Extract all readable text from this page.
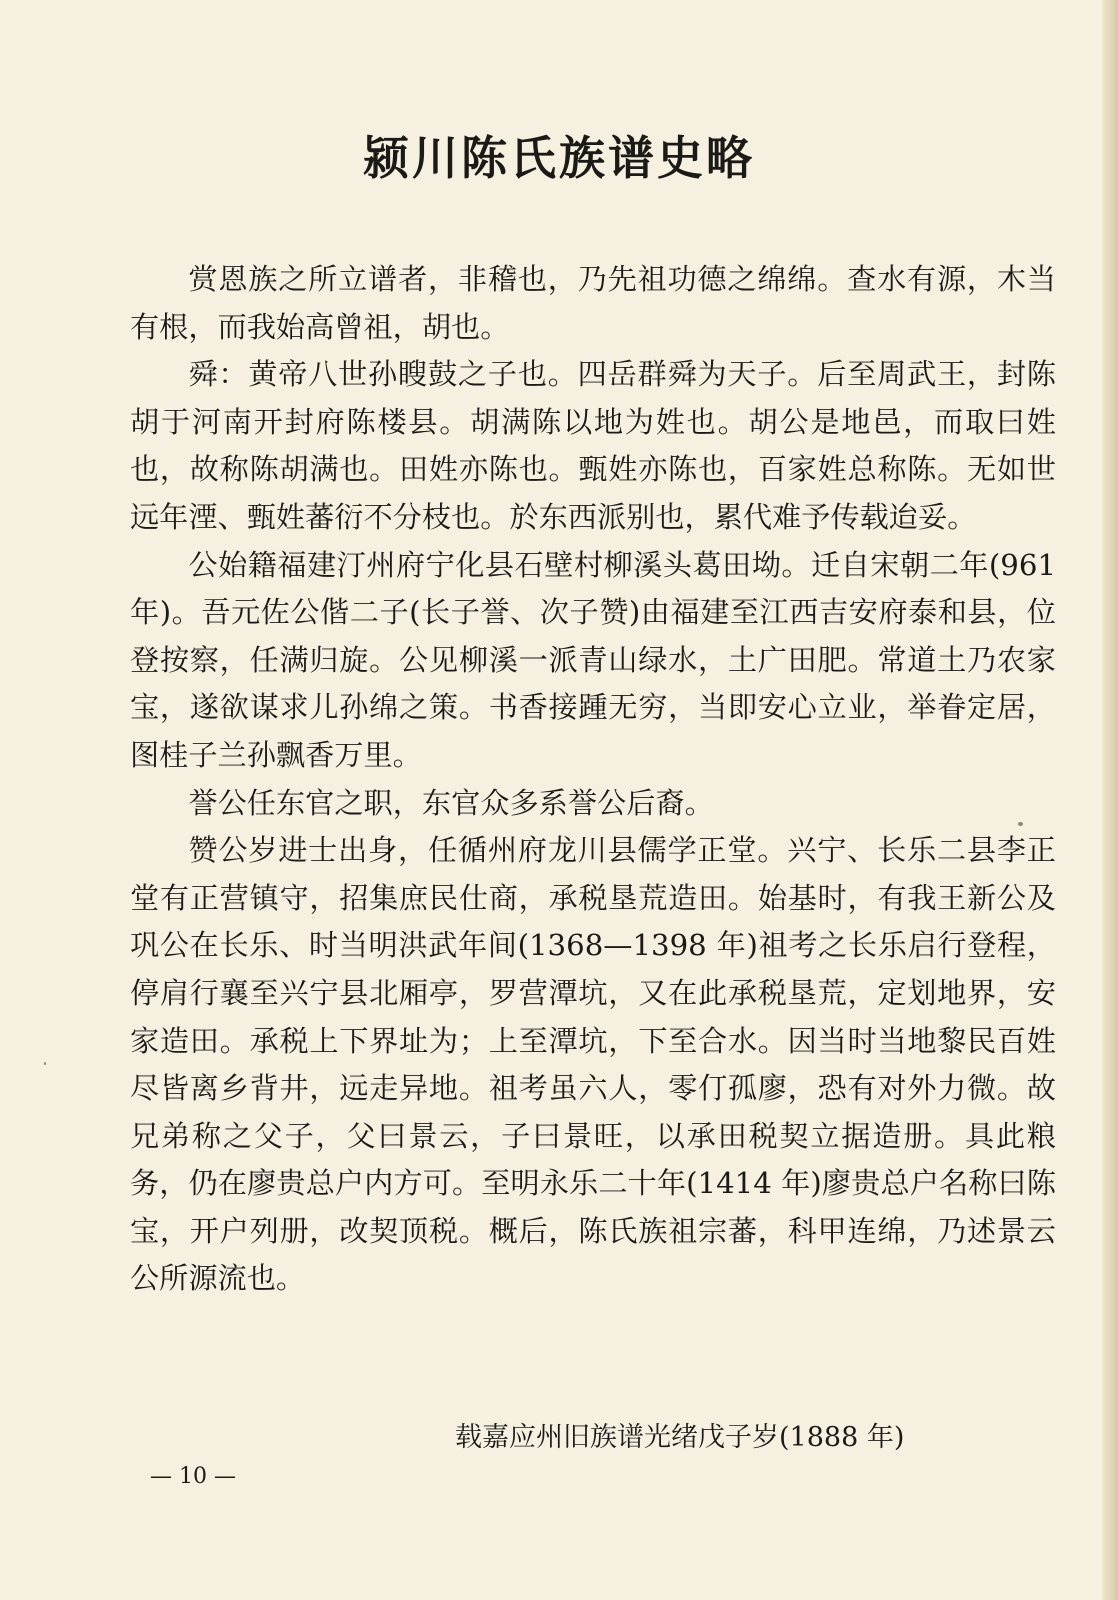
颍川陈氏族谱史略

赏恩族之所立谱者，非稽也，乃先祖功德之绵绵。查水有源，木当有根，而我始高曾祖，胡也。

舜：黄帝八世孙瞍鼓之子也。四岳群舜为天子。后至周武王，封陈胡于河南开封府陈楼县。胡满陈以地为姓也。胡公是地邑，而取曰姓也，故称陈胡满也。田姓亦陈也。甄姓亦陈也，百家姓总称陈。无如世远年湮、甄姓蕃衍不分枝也。於东西派别也，累代难予传载迨妥。

公始籍福建汀州府宁化县石壁村柳溪头葛田坳。迁自宋朝二年(961 年)。吾元佐公偕二子(长子誉、次子赞)由福建至江西吉安府泰和县，位登按察，任满归旋。公见柳溪一派青山绿水，土广田肥。常道土乃农家宝，遂欲谋求儿孙绵之策。书香接踵无穷，当即安心立业，举眷定居，图桂子兰孙飘香万里。

誉公任东官之职，东官众多系誉公后裔。

赞公岁进士出身，任循州府龙川县儒学正堂。兴宁、长乐二县李正堂有正营镇守，招集庶民仕商，承税垦荒造田。始基时，有我王新公及巩公在长乐、时当明洪武年间(1368—1398 年)祖考之长乐启行登程，停肩行襄至兴宁县北厢亭，罗营潭坑，又在此承税垦荒，定划地界，安家造田。承税上下界址为；上至潭坑，下至合水。因当时当地黎民百姓尽皆离乡背井，远走异地。祖考虽六人，零仃孤廖，恐有对外力微。故兄弟称之父子，父曰景云，子曰景旺，以承田税契立据造册。具此粮务，仍在廖贵总户内方可。至明永乐二十年(1414 年)廖贵总户名称曰陈宝，开户列册，改契顶税。概后，陈氏族祖宗蕃，科甲连绵，乃述景云公所源流也。

载嘉应州旧族谱光绪戊子岁(1888 年)
— 10 —
